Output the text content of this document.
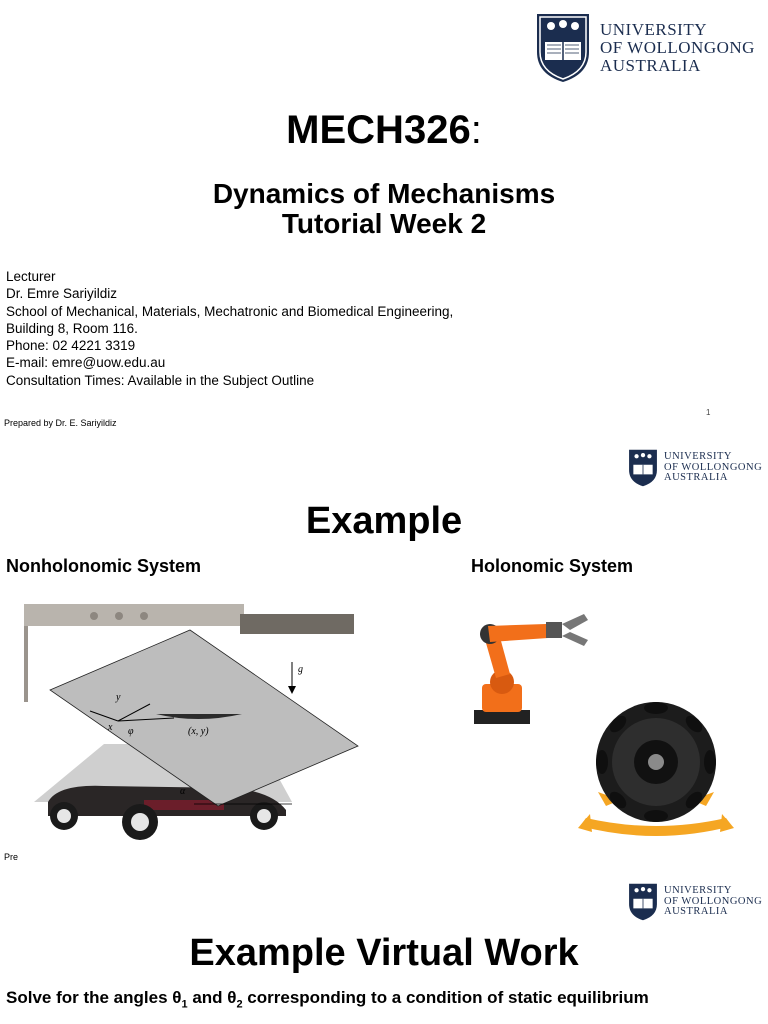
UNIVERSITY
OF WOLLONGONG
AUSTRALIA
MECH326:
Dynamics of Mechanisms
Tutorial Week 2
Lecturer
Dr. Emre Sariyildiz
School of Mechanical, Materials, Mechatronic and Biomedical Engineering,
Building 8, Room 116.
Phone: 02 4221 3319
E-mail: emre@uow.edu.au
Consultation Times: Available in the Subject Outline
Prepared by Dr. E. Sariyildiz
1
UNIVERSITY
OF WOLLONGONG
AUSTRALIA
Example
Nonholonomic System	Holonomic System
g
y
x φ	(x, y)
α
Pre
UNIVERSITY
OF WOLLONGONG
AUSTRALIA
Example Virtual Work
Solve for the angles $\theta_1$ and $\theta_2$ corresponding to a condition of static equilibrium
